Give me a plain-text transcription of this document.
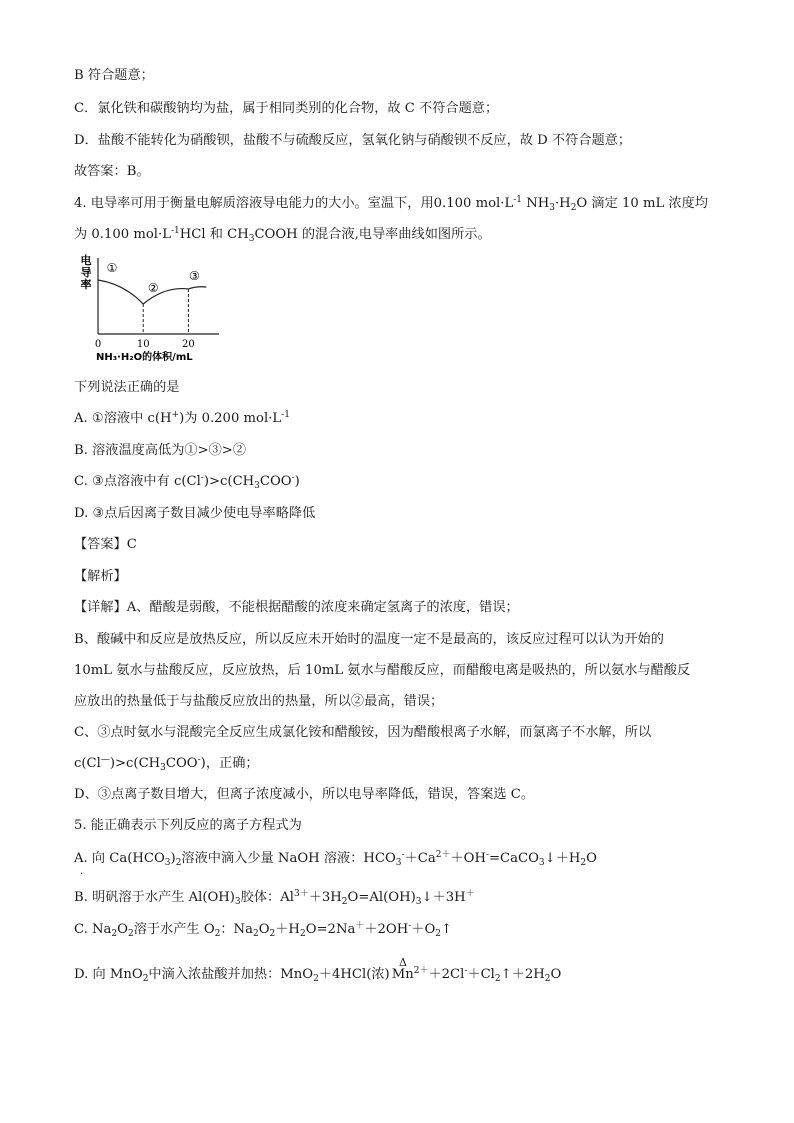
B 符合题意；
C．氯化铁和碳酸钠均为盐，属于相同类别的化合物，故 C 不符合题意；
D．盐酸不能转化为硝酸钡，盐酸不与硫酸反应，氢氧化钠与硝酸钡不反应，故 D 不符合题意；
故答案：B。
4. 电导率可用于衡量电解质溶液导电能力的大小。室温下，用0.100 $mol\cdot L^{-1}$ $NH_3\cdot H_2O$ 滴定 10 mL 浓度均
为 0.100 $mol\cdot L^{-1}HCl$ 和 $CH_3COOH$ 的混合液,电导率曲线如图所示。
电
导
率
①
②
③
0	10	20
NH₃·H₂O的体积/mL
下列说法正确的是
A. ①溶液中 c(H+)为 0.200 $mol\cdot L^{-1}$
B. 溶液温度高低为①>③>②
C. ③点溶液中有 $c(Cl^-)>c(CH_3COO^-)$
D. ③点后因离子数目减少使电导率略降低
【答案】C
【解析】
【详解】A、醋酸是弱酸，不能根据醋酸的浓度来确定氢离子的浓度，错误；
B、酸碱中和反应是放热反应，所以反应未开始时的温度一定不是最高的，该反应过程可以认为开始的
10mL 氨水与盐酸反应，反应放热，后 10mL 氨水与醋酸反应，而醋酸电离是吸热的，所以氨水与醋酸反
应放出的热量低于与盐酸反应放出的热量，所以②最高，错误；
C、③点时氨水与混酸完全反应生成氯化铵和醋酸铵，因为醋酸根离子水解，而氯离子不水解，所以
$c(Cl^—)>c(CH_3COO^-)$，正确；
D、③点离子数目增大，但离子浓度减小，所以电导率降低，错误，答案选 C。
5. 能正确表示下列反应的离子方程式为
A. 向 $Ca(HCO_3)_2$溶液中滴入少量 NaOH 溶液：$HCO_3^-+Ca^{2+}+OH^-=CaCO_3↓+H_2O$
·
B. 明矾溶于水产生 $Al(OH)_3$胶体：$Al^{3+}+3H_2O=Al(OH)_3↓+3H^+$
C. $Na_2O_2$溶于水产生 $O_2$：$Na_2O_2+H_2O=2Na^++2OH^-+O_2↑$
Δ
D. 向 MnO$_2$中滴入浓盐酸并加热：MnO$_2$＋4HCl(浓) $Mn^{2+}+2Cl^-+Cl_2↑+2H_2O$
